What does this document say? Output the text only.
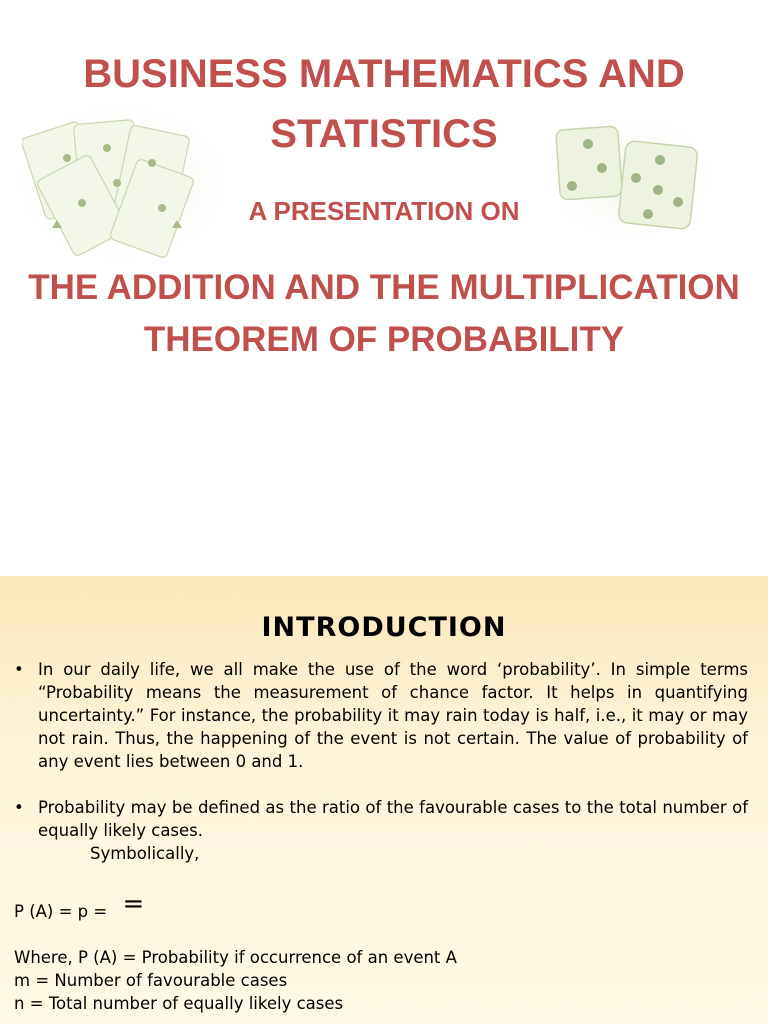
BUSINESS MATHEMATICS AND
STATISTICS
A PRESENTATION ON
THE ADDITION AND THE MULTIPLICATION
THEOREM OF PROBABILITY
INTRODUCTION
• In our daily life, we all make the use of the word ‘probability’. In simple terms “Probability means the measurement of chance factor. It helps in quantifying uncertainty.” For instance, the probability it may rain today is half, i.e., it may or may not rain. Thus, the happening of the event is not certain. The value of probability of any event lies between 0 and 1.
• Probability may be defined as the ratio of the favourable cases to the total number of equally likely cases.
Symbolically,
P (A) = p = =
Where, P (A) = Probability if occurrence of an event A
m = Number of favourable cases
n = Total number of equally likely cases
